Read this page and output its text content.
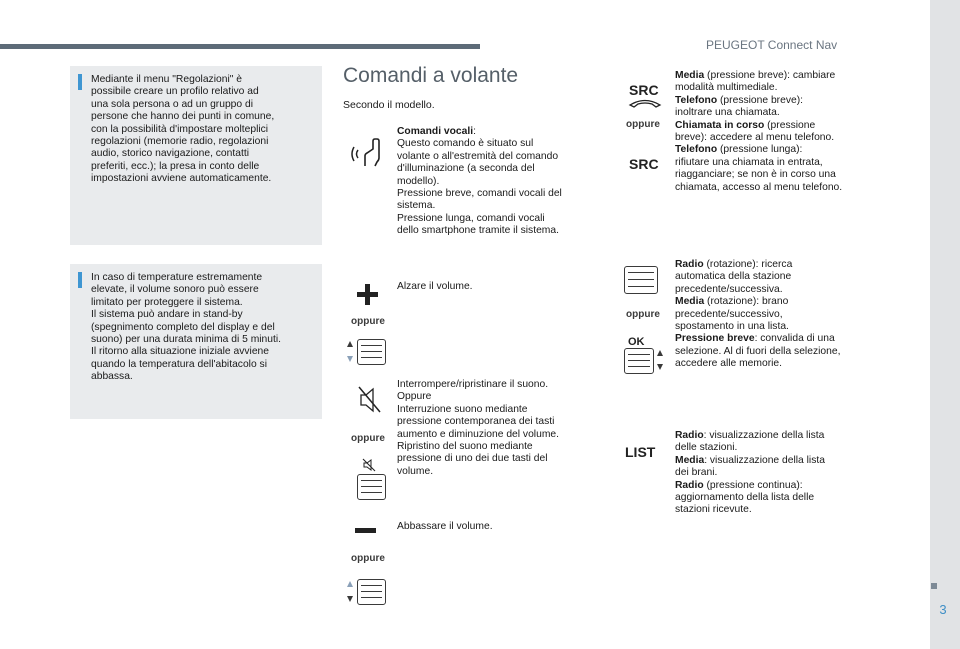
PEUGEOT Connect Nav
3
Mediante il menu "Regolazioni" è
possibile creare un profilo relativo ad
una sola persona o ad un gruppo di
persone che hanno dei punti in comune,
con la possibilità d'impostare molteplici
regolazioni (memorie radio, regolazioni
audio, storico navigazione, contatti
preferiti, ecc.); la presa in conto delle
impostazioni avviene automaticamente.
In caso di temperature estremamente
elevate, il volume sonoro può essere
limitato per proteggere il sistema.
Il sistema può andare in stand-by
(spegnimento completo del display e del
suono) per una durata minima di 5 minuti.
Il ritorno alla situazione iniziale avviene
quando la temperatura dell'abitacolo si
abbassa.
Comandi a volante
Secondo il modello.
Comandi vocali:
Questo comando è situato sul
volante o all'estremità del comando
d'illuminazione (a seconda del
modello).
Pressione breve, comandi vocali del
sistema.
Pressione lunga, comandi vocali
dello smartphone tramite il sistema.
oppure
Alzare il volume.
oppure
Interrompere/ripristinare il suono.
Oppure
Interruzione suono mediante
pressione contemporanea dei tasti
aumento e diminuzione del volume.
Ripristino del suono mediante
pressione di uno dei due tasti del
volume.
oppure
Abbassare il volume.
SRC
oppure
SRC
Media (pressione breve): cambiare
modalità multimediale.
Telefono (pressione breve):
inoltrare una chiamata.
Chiamata in corso (pressione
breve): accedere al menu telefono.
Telefono (pressione lunga):
rifiutare una chiamata in entrata,
riagganciare; se non è in corso una
chiamata, accesso al menu telefono.
oppure
OK
Radio (rotazione): ricerca
automatica della stazione
precedente/successiva.
Media (rotazione): brano
precedente/successivo,
spostamento in una lista.
Pressione breve: convalida di una
selezione. Al di fuori della selezione,
accedere alle memorie.
LIST
Radio: visualizzazione della lista
delle stazioni.
Media: visualizzazione della lista
dei brani.
Radio (pressione continua):
aggiornamento della lista delle
stazioni ricevute.
